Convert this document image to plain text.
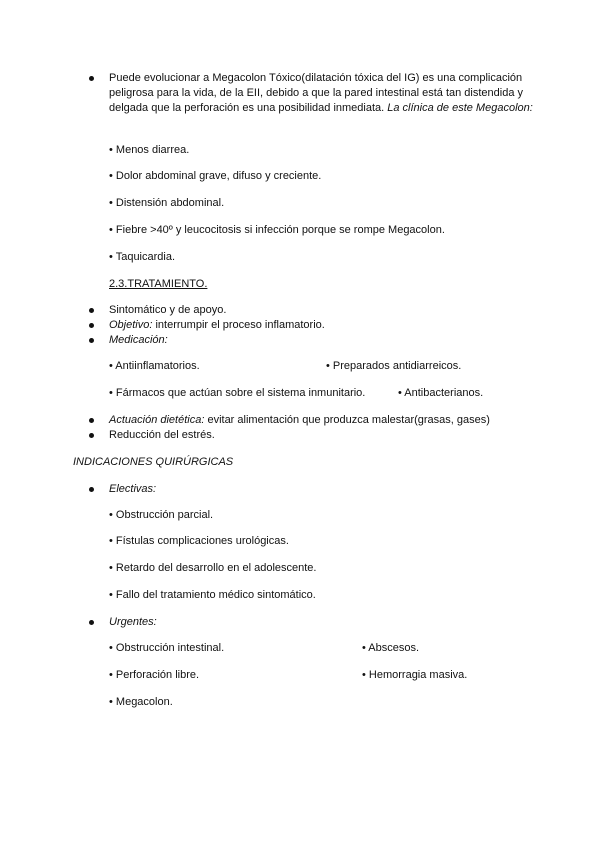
Puede evolucionar a Megacolon Tóxico(dilatación tóxica del IG) es una complicación peligrosa para la vida, de la EII, debido a que la pared intestinal está tan distendida y delgada que la perforación es una posibilidad inmediata. La clínica de este Megacolon:
• Menos diarrea.
• Dolor abdominal grave, difuso y creciente.
• Distensión abdominal.
• Fiebre >40º y leucocitosis si infección porque se rompe Megacolon.
• Taquicardia.
2.3.TRATAMIENTO.
Sintomático y de apoyo.
Objetivo: interrumpir el proceso inflamatorio.
Medicación:
• Antiinflamatorios.	• Preparados antidiarreicos.
• Fármacos que actúan sobre el sistema inmunitario.	• Antibacterianos.
Actuación dietética: evitar alimentación que produzca malestar(grasas, gases)
Reducción del estrés.
INDICACIONES QUIRÚRGICAS
Electivas:
• Obstrucción parcial.
• Fístulas complicaciones urológicas.
• Retardo del desarrollo en el adolescente.
• Fallo del tratamiento médico sintomático.
Urgentes:
• Obstrucción intestinal.	• Abscesos.
• Perforación libre.	• Hemorragia masiva.
• Megacolon.
